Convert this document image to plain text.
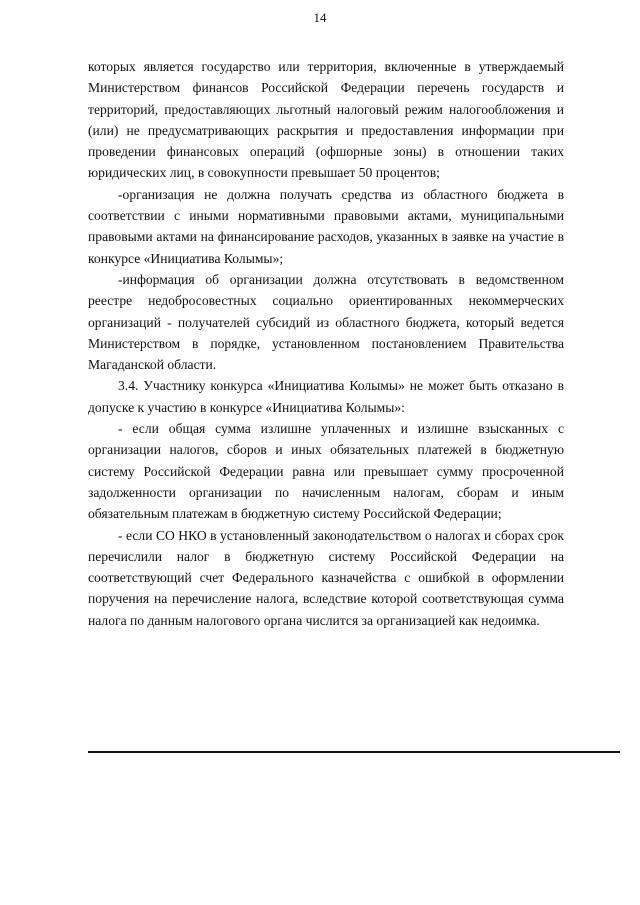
14

которых является государство или территория, включенные в утверждаемый Министерством финансов Российской Федерации перечень государств и территорий, предоставляющих льготный налоговый режим налогообложения и (или) не предусматривающих раскрытия и предоставления информации при проведении финансовых операций (офшорные зоны) в отношении таких юридических лиц, в совокупности превышает 50 процентов;

-организация не должна получать средства из областного бюджета в соответствии с иными нормативными правовыми актами, муниципальными правовыми актами на финансирование расходов, указанных в заявке на участие в конкурсе «Инициатива Колымы»;

-информация об организации должна отсутствовать в ведомственном реестре недобросовестных социально ориентированных некоммерческих организаций - получателей субсидий из областного бюджета, который ведется Министерством в порядке, установленном постановлением Правительства Магаданской области.

3.4. Участнику конкурса «Инициатива Колымы» не может быть отказано в допуске к участию в конкурсе «Инициатива Колымы»:

- если общая сумма излишне уплаченных и излишне взысканных с организации налогов, сборов и иных обязательных платежей в бюджетную систему Российской Федерации равна или превышает сумму просроченной задолженности организации по начисленным налогам, сборам и иным обязательным платежам в бюджетную систему Российской Федерации;

- если СО НКО в установленный законодательством о налогах и сборах срок перечислили налог в бюджетную систему Российской Федерации на соответствующий счет Федерального казначейства с ошибкой в оформлении поручения на перечисление налога, вследствие которой соответствующая сумма налога по данным налогового органа числится за организацией как недоимка.
